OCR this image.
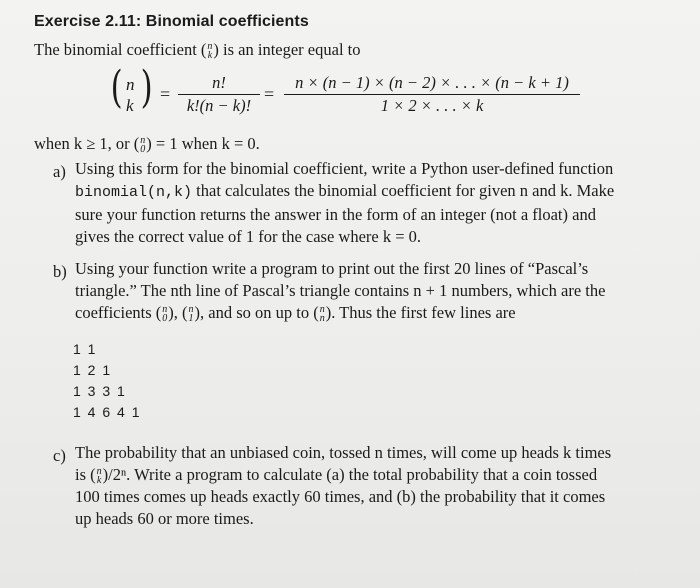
Exercise 2.11: Binomial coefficients
The binomial coefficient ( n
k ) is an integer equal to
( n
k ) =
n!
k!(n − k)!
=
n × (n − 1) × (n − 2) × . . . × (n − k + 1)
1 × 2 × . . . × k
when k ≥ 1, or ( n
0 ) = 1 when k = 0.
a) Using this form for the binomial coefficient, write a Python user-defined function
binomial(n,k) that calculates the binomial coefficient for given n and k. Make
sure your function returns the answer in the form of an integer (not a float) and
gives the correct value of 1 for the case where k = 0.
b) Using your function write a program to print out the first 20 lines of “Pascal’s
triangle.” The nth line of Pascal’s triangle contains n + 1 numbers, which are the
coefficients ( n
0 ), ( n
1 ), and so on up to ( n
n ). Thus the first few lines are
1 1
1 2 1
1 3 3 1
1 4 6 4 1
c) The probability that an unbiased coin, tossed n times, will come up heads k times
is ( n
k )/2ⁿ. Write a program to calculate (a) the total probability that a coin tossed
100 times comes up heads exactly 60 times, and (b) the probability that it comes
up heads 60 or more times.
